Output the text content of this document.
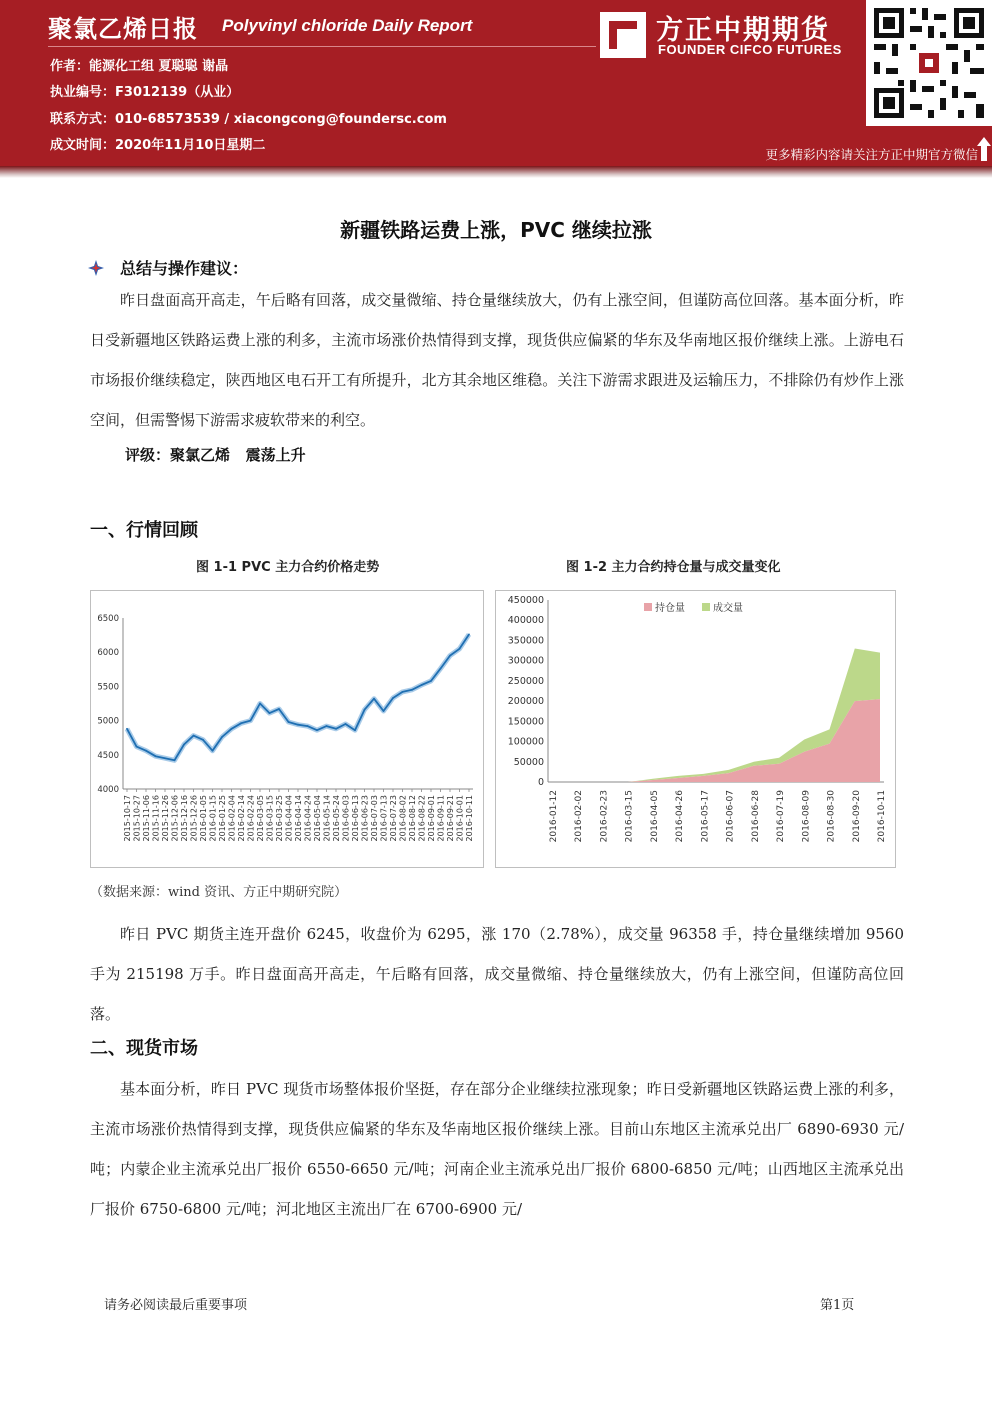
聚氯乙烯日报 Polyvinyl chloride Daily Report
作者：能源化工组 夏聪聪 谢晶
执业编号：F3012139（从业）
联系方式：010-68573539 / xiacongcong@foundersc.com
成文时间：2020年11月10日星期二
方正中期期货
FOUNDER CIFCO FUTURES
更多精彩内容请关注方正中期官方微信
新疆铁路运费上涨，PVC 继续拉涨
总结与操作建议：
昨日盘面高开高走，午后略有回落，成交量微缩、持仓量继续放大，仍有上涨空间，但谨防高位回落。基本面分析，昨日受新疆地区铁路运费上涨的利多，主流市场涨价热情得到支撑，现货供应偏紧的华东及华南地区报价继续上涨。上游电石市场报价继续稳定，陕西地区电石开工有所提升，北方其余地区维稳。关注下游需求跟进及运输压力，不排除仍有炒作上涨空间，但需警惕下游需求疲软带来的利空。
评级：聚氯乙烯   震荡上升
一、行情回顾
图 1-1 PVC 主力合约价格走势	图 1-2 主力合约持仓量与成交量变化
4000
4500
5000
5500
6000
6500
2015-10-17 2015-10-27 2015-11-06 2015-11-16 2015-11-26 2015-12-06 2015-12-16 2015-12-26 2016-01-05 2016-01-15 2016-01-25 2016-02-04 2016-02-14 2016-02-24 2016-03-05 2016-03-15 2016-03-25 2016-04-04 2016-04-14 2016-04-24 2016-05-04 2016-05-14 2016-05-24 2016-06-03 2016-06-13 2016-06-23 2016-07-03 2016-07-13 2016-07-23 2016-08-02 2016-08-12 2016-08-22 2016-09-01 2016-09-11 2016-09-21 2016-10-01 2016-10-11
0
50000
100000
150000
200000
250000
300000
350000
400000
450000
2016-01-12 2016-02-02 2016-02-23 2016-03-15 2016-04-05 2016-04-26 2016-05-17 2016-06-07 2016-06-28 2016-07-19 2016-08-09 2016-08-30 2016-09-20 2016-10-11
持仓量	成交量
（数据来源：wind 资讯、方正中期研究院）
昨日 PVC 期货主连开盘价 6245，收盘价为 6295，涨 170（2.78%），成交量 96358 手，持仓量继续增加 9560 手为 215198 万手。昨日盘面高开高走，午后略有回落，成交量微缩、持仓量继续放大，仍有上涨空间，但谨防高位回落。
二、现货市场
基本面分析，昨日 PVC 现货市场整体报价坚挺，存在部分企业继续拉涨现象；昨日受新疆地区铁路运费上涨的利多，主流市场涨价热情得到支撑，现货供应偏紧的华东及华南地区报价继续上涨。目前山东地区主流承兑出厂 6890-6930 元/吨；内蒙企业主流承兑出厂报价 6550-6650 元/吨；河南企业主流承兑出厂报价 6800-6850 元/吨；山西地区主流承兑出厂报价 6750-6800 元/吨；河北地区主流出厂在 6700-6900 元/
请务必阅读最后重要事项	第1页
